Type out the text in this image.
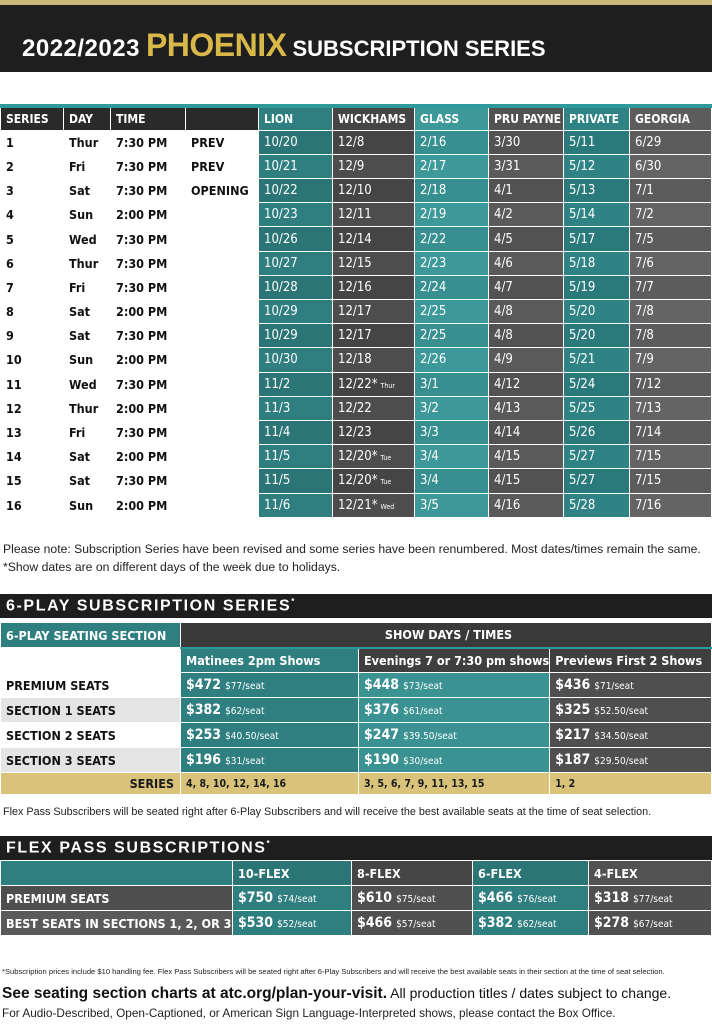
2022/2023 PHOENIX SUBSCRIPTION SERIES
SERIES	DAY	TIME		LION	WICKHAMS	GLASS	PRU PAYNE	PRIVATE	GEORGIA
1	Thur	7:30 PM	PREV	10/20	12/8	2/16	3/30	5/11	6/29
2	Fri	7:30 PM	PREV	10/21	12/9	2/17	3/31	5/12	6/30
3	Sat	7:30 PM	OPENING	10/22	12/10	2/18	4/1	5/13	7/1
4	Sun	2:00 PM		10/23	12/11	2/19	4/2	5/14	7/2
5	Wed	7:30 PM		10/26	12/14	2/22	4/5	5/17	7/5
6	Thur	7:30 PM		10/27	12/15	2/23	4/6	5/18	7/6
7	Fri	7:30 PM		10/28	12/16	2/24	4/7	5/19	7/7
8	Sat	2:00 PM		10/29	12/17	2/25	4/8	5/20	7/8
9	Sat	7:30 PM		10/29	12/17	2/25	4/8	5/20	7/8
10	Sun	2:00 PM		10/30	12/18	2/26	4/9	5/21	7/9
11	Wed	7:30 PM		11/2	12/22* Thur	3/1	4/12	5/24	7/12
12	Thur	2:00 PM		11/3	12/22	3/2	4/13	5/25	7/13
13	Fri	7:30 PM		11/4	12/23	3/3	4/14	5/26	7/14
14	Sat	2:00 PM		11/5	12/20* Tue	3/4	4/15	5/27	7/15
15	Sat	7:30 PM		11/5	12/20* Tue	3/4	4/15	5/27	7/15
16	Sun	2:00 PM		11/6	12/21* Wed	3/5	4/16	5/28	7/16
Please note: Subscription Series have been revised and some series have been renumbered. Most dates/times remain the same.
*Show dates are on different days of the week due to holidays.
6-PLAY SUBSCRIPTION SERIES*
6-PLAY SEATING SECTION	SHOW DAYS / TIMES		
	Matinees 2pm Shows	Evenings 7 or 7:30 pm shows	Previews First 2 Shows
PREMIUM SEATS	$472 $77/seat	$448 $73/seat	$436 $71/seat
SECTION 1 SEATS	$382 $62/seat	$376 $61/seat	$325 $52.50/seat
SECTION 2 SEATS	$253 $40.50/seat	$247 $39.50/seat	$217 $34.50/seat
SECTION 3 SEATS	$196 $31/seat	$190 $30/seat	$187 $29.50/seat
SERIES	4, 8, 10, 12, 14, 16	3, 5, 6, 7, 9, 11, 13, 15	1, 2
Flex Pass Subscribers will be seated right after 6-Play Subscribers and will receive the best available seats at the time of seat selection.
FLEX PASS SUBSCRIPTIONS*
	10-FLEX	8-FLEX	6-FLEX	4-FLEX
PREMIUM SEATS	$750 $74/seat	$610 $75/seat	$466 $76/seat	$318 $77/seat
BEST SEATS IN SECTIONS 1, 2, OR 3	$530 $52/seat	$466 $57/seat	$382 $62/seat	$278 $67/seat
*Subscription prices include $10 handling fee. Flex Pass Subscribers will be seated right after 6-Play Subscribers and will receive the best available seats in their section at the time of seat selection.
See seating section charts at atc.org/plan-your-visit. All production titles / dates subject to change.
For Audio-Described, Open-Captioned, or American Sign Language-Interpreted shows, please contact the Box Office.
